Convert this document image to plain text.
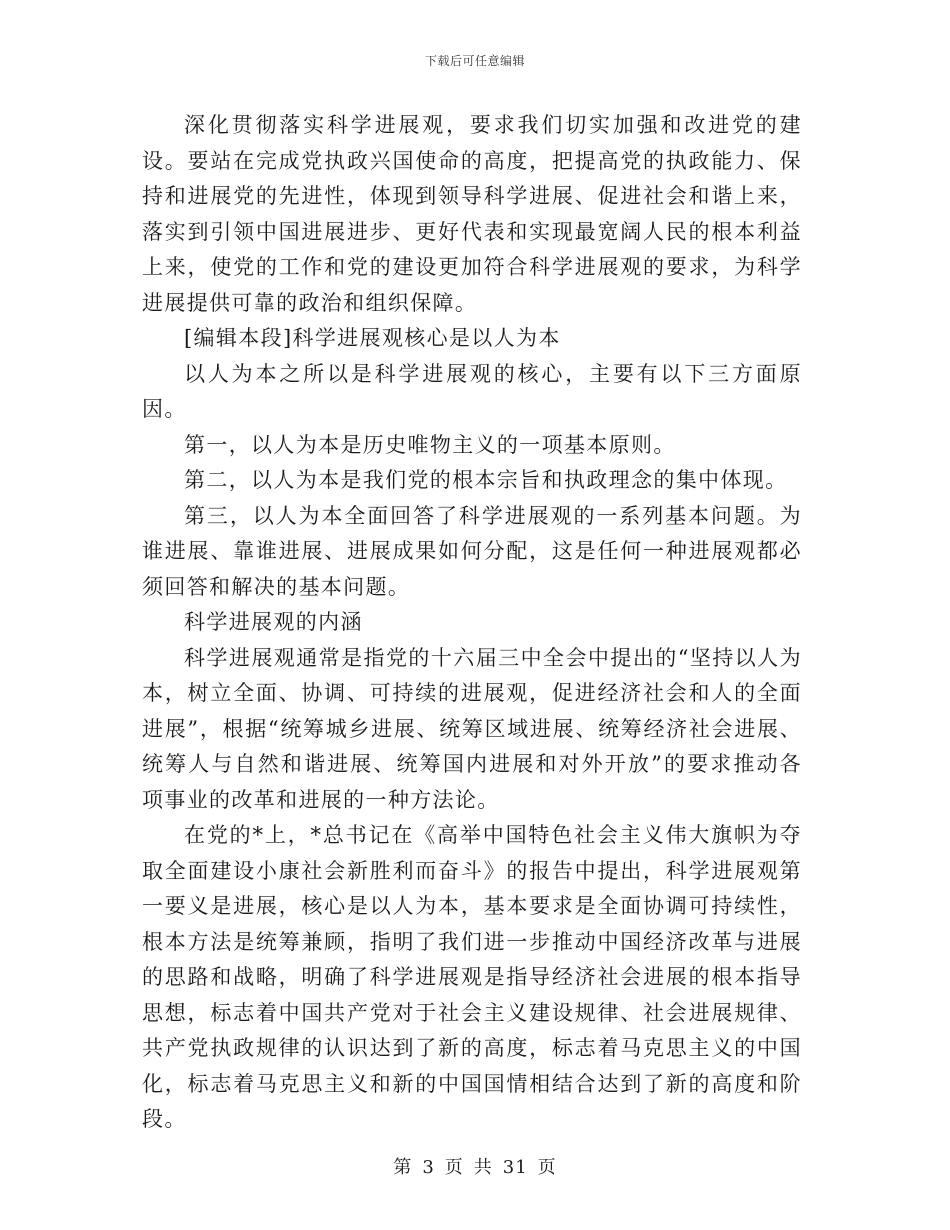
下载后可任意编辑

深化贯彻落实科学进展观，要求我们切实加强和改进党的建设。要站在完成党执政兴国使命的高度，把提高党的执政能力、保持和进展党的先进性，体现到领导科学进展、促进社会和谐上来，落实到引领中国进展进步、更好代表和实现最宽阔人民的根本利益上来，使党的工作和党的建设更加符合科学进展观的要求，为科学进展提供可靠的政治和组织保障。

[编辑本段]科学进展观核心是以人为本

以人为本之所以是科学进展观的核心，主要有以下三方面原因。

第一，以人为本是历史唯物主义的一项基本原则。

第二，以人为本是我们党的根本宗旨和执政理念的集中体现。

第三，以人为本全面回答了科学进展观的一系列基本问题。为谁进展、靠谁进展、进展成果如何分配，这是任何一种进展观都必须回答和解决的基本问题。

科学进展观的内涵

科学进展观通常是指党的十六届三中全会中提出的“坚持以人为本，树立全面、协调、可持续的进展观，促进经济社会和人的全面进展”，根据“统筹城乡进展、统筹区域进展、统筹经济社会进展、统筹人与自然和谐进展、统筹国内进展和对外开放”的要求推动各项事业的改革和进展的一种方法论。

在党的*上，*总书记在《高举中国特色社会主义伟大旗帜为夺取全面建设小康社会新胜利而奋斗》的报告中提出，科学进展观第一要义是进展，核心是以人为本，基本要求是全面协调可持续性，根本方法是统筹兼顾，指明了我们进一步推动中国经济改革与进展的思路和战略，明确了科学进展观是指导经济社会进展的根本指导思想，标志着中国共产党对于社会主义建设规律、社会进展规律、共产党执政规律的认识达到了新的高度，标志着马克思主义的中国化，标志着马克思主义和新的中国国情相结合达到了新的高度和阶段。

第 3 页 共 31 页
